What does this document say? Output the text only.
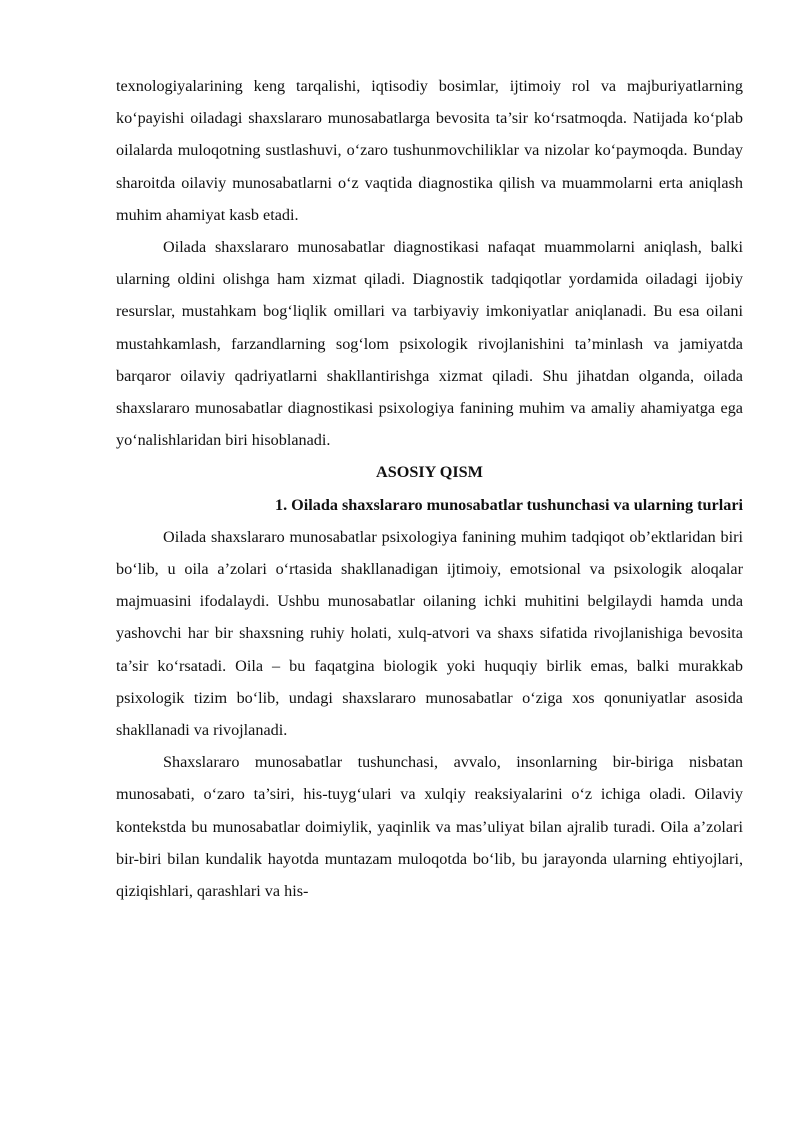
texnologiyalarining keng tarqalishi, iqtisodiy bosimlar, ijtimoiy rol va majburiyatlarning ko‘payishi oiladagi shaxslararo munosabatlarga bevosita ta’sir ko‘rsatmoqda. Natijada ko‘plab oilalarda muloqotning sustlashuvi, o‘zaro tushunmovchiliklar va nizolar ko‘paymoqda. Bunday sharoitda oilaviy munosabatlarni o‘z vaqtida diagnostika qilish va muammolarni erta aniqlash muhim ahamiyat kasb etadi.

Oilada shaxslararo munosabatlar diagnostikasi nafaqat muammolarni aniqlash, balki ularning oldini olishga ham xizmat qiladi. Diagnostik tadqiqotlar yordamida oiladagi ijobiy resurslar, mustahkam bog‘liqlik omillari va tarbiyaviy imkoniyatlar aniqlanadi. Bu esa oilani mustahkamlash, farzandlarning sog‘lom psixologik rivojlanishini ta’minlash va jamiyatda barqaror oilaviy qadriyatlarni shakllantirishga xizmat qiladi. Shu jihatdan olganda, oilada shaxslararo munosabatlar diagnostikasi psixologiya fanining muhim va amaliy ahamiyatga ega yo‘nalishlaridan biri hisoblanadi.

ASOSIY QISM
1. Oilada shaxslararo munosabatlar tushunchasi va ularning turlari

Oilada shaxslararo munosabatlar psixologiya fanining muhim tadqiqot ob’ektlaridan biri bo‘lib, u oila a’zolari o‘rtasida shakllanadigan ijtimoiy, emotsional va psixologik aloqalar majmuasini ifodalaydi. Ushbu munosabatlar oilaning ichki muhitini belgilaydi hamda unda yashovchi har bir shaxsning ruhiy holati, xulq-atvori va shaxs sifatida rivojlanishiga bevosita ta’sir ko‘rsatadi. Oila – bu faqatgina biologik yoki huquqiy birlik emas, balki murakkab psixologik tizim bo‘lib, undagi shaxslararo munosabatlar o‘ziga xos qonuniyatlar asosida shakllanadi va rivojlanadi.

Shaxslararo munosabatlar tushunchasi, avvalo, insonlarning bir-biriga nisbatan munosabati, o‘zaro ta’siri, his-tuyg‘ulari va xulqiy reaksiyalarini o‘z ichiga oladi. Oilaviy kontekstda bu munosabatlar doimiylik, yaqinlik va mas’uliyat bilan ajralib turadi. Oila a’zolari bir-biri bilan kundalik hayotda muntazam muloqotda bo‘lib, bu jarayonda ularning ehtiyojlari, qiziqishlari, qarashlari va his-
